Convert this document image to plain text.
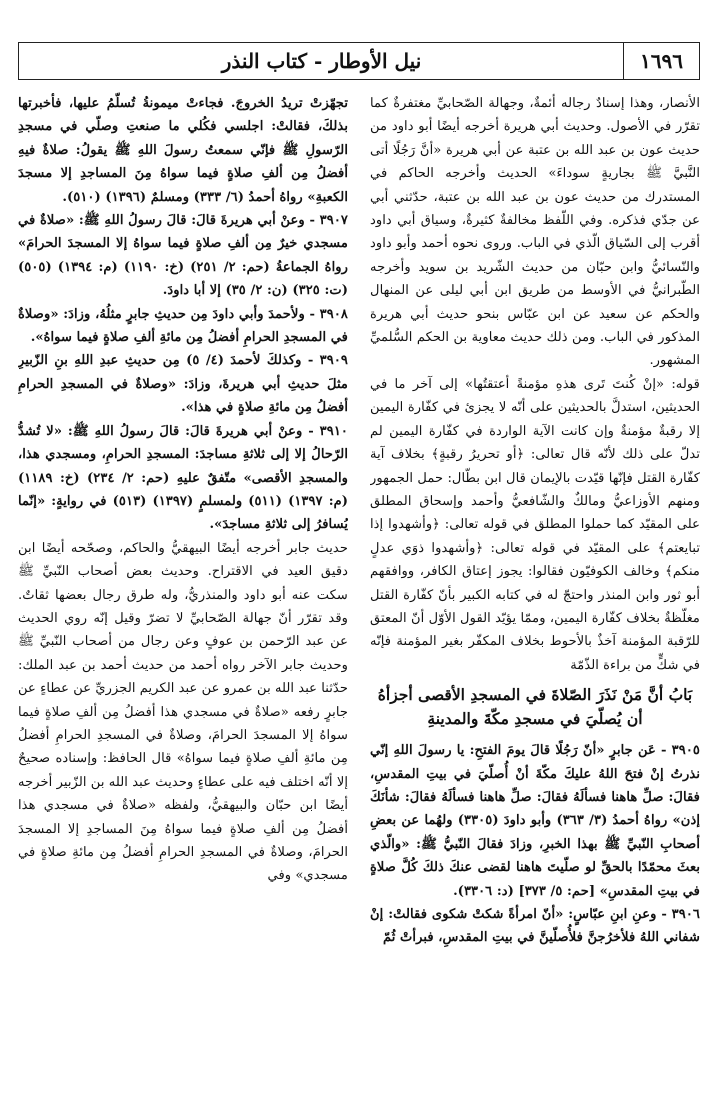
١٦٩٦
نيل الأوطار - كتاب النذر

الأنصار، وهذا إسنادٌ رجاله أئمةٌ، وجهالة الصّحابيِّ مغتفرةٌ كما تقرّر في الأصول. وحديث أبي هريرة أخرجه أيضًا أبو داود من حديث عون بن عبد الله بن عتبة عن أبي هريرة «أنَّ رَجُلًا أتى النَّبيَّ ﷺ بجاريةٍ سوداءَ» الحديث وأخرجه الحاكم في المستدرك من حديث عون بن عبد الله بن عتبة، حدّثني أبي عن جدّي فذكره. وفي اللّفظ مخالفةٌ كثيرةٌ، وسياق أبي داود أقرب إلى السّياق الّذي في الباب. وروى نحوه أحمد وأبو داود والنّسائيُّ وابن حبّان من حديث الشّريد بن سويد وأخرجه الطّبرانيُّ في الأوسط من طريق ابن أبي ليلى عن المنهال والحكم عن سعيد عن ابن عبّاس بنحو حديث أبي هريرة المذكور في الباب. ومن ذلك حديث معاوية بن الحكم السُّلميِّ المشهور.

قوله: «إنْ كُنتَ تَرى هذهِ مؤمنةً أعتقتُها» إلى آخر ما في الحديثين، استدلَّ بالحديثين على أنّه لا يجزئ في كفّارة اليمين إلا رقبةٌ مؤمنةٌ وإن كانت الآية الواردة في كفّارة اليمين لم تدلّ على ذلك لأنّه قال تعالى: ﴿أو تحريرُ رقبةٍ﴾ بخلاف آية كفّارة القتل فإنّها قيّدت بالإيمان قال ابن بطّال: حمل الجمهور ومنهم الأوزاعيُّ ومالكٌ والشّافعيُّ وأحمد وإسحاق المطلق على المقيّد كما حملوا المطلق في قوله تعالى: ﴿وأشهدوا إذا تبايعتم﴾ على المقيّد في قوله تعالى: ﴿وأشهدوا ذوَي عدلٍ منكم﴾ وخالف الكوفيّون فقالوا: يجوز إعتاق الكافر، ووافقهم أبو ثور وابن المنذر واحتجّ له في كتابه الكبير بأنّ كفّارة القتل مغلّظةٌ بخلاف كفّارة اليمين، وممّا يؤيّد القول الأوّل أنّ المعتق للرّقبة المؤمنة آخذٌ بالأحوط بخلاف المكفّر بغير المؤمنة فإنّه في شكٍّ من براءة الذّمّة

بَابُ أنَّ مَنْ نَذَرَ الصّلاةَ في المسجدِ الأقصى أجزأهُ أن يُصلّيَ في مسجدِ مكّةَ والمدينةِ

٣٩٠٥ - عَن جابرٍ «أنّ رَجُلًا قالَ يومَ الفتحِ: يا رسولَ اللهِ إنّي نذرتُ إنْ فتحَ اللهُ عليكَ مكّةَ أنْ أُصلّيَ في بيتِ المقدسِ، فقالَ: صلِّ هاهنا فسألَهُ فقالَ: صلِّ هاهنا فسألَهُ فقالَ: شأنَكَ إذن» رواهُ أحمدُ (٣/ ٣٦٣) وأبو داودَ (٣٣٠٥) ولهُما عن بعضِ أصحابِ النّبيِّ ﷺ بهذا الخبرِ، وزادَ فقالَ النّبيُّ ﷺ: «والّذي بعثَ محمّدًا بالحقِّ لو صلّيتَ هاهنا لقضى عنكَ ذلكَ كُلَّ صلاةٍ في بيتِ المقدسِ» [حم: ٥/ ٣٧٣] (د: ٣٣٠٦).

٣٩٠٦ - وعنِ ابنِ عبّاسٍ: «أنّ امرأةً شكتْ شكوى فقالتْ: إنْ شفاني اللهُ فلأخرُجنَّ فلأُصلّينَّ في بيتِ المقدسِ، فبرأتْ ثُمّ

تجهّزتْ تريدُ الخروجَ. فجاءتْ ميمونةُ تُسلّمُ عليها، فأخبرتها بذلكَ، فقالتْ: اجلسي فكُلي ما صنعتِ وصلّي في مسجدِ الرّسولِ ﷺ فإنّي سمعتُ رسولَ اللهِ ﷺ يقولُ: صلاةٌ فيهِ أفضلُ مِن ألفِ صلاةٍ فيما سواهُ مِنَ المساجدِ إلا مسجدَ الكعبةِ» رواهُ أحمدُ (٦/ ٣٣٣) ومسلمٌ (١٣٩٦) (٥١٠).

٣٩٠٧ - وعنْ أبي هريرةَ قالَ: قالَ رسولُ اللهِ ﷺ: «صلاةٌ في مسجدي خيرٌ مِن ألفِ صلاةٍ فيما سواهُ إلا المسجدَ الحرامَ» رواهُ الجماعةُ (حم: ٢/ ٢٥١) (خ: ١١٩٠) (م: ١٣٩٤) (٥٠٥) (ت: ٣٢٥) (ن: ٢/ ٣٥) إلا أبا داودَ.

٣٩٠٨ - ولأحمدَ وأبي داودَ مِن حديثِ جابرٍ مثلُهُ، وزادَ: «وصلاةٌ في المسجدِ الحرامِ أفضلُ مِن مائةِ ألفِ صلاةٍ فيما سواهُ».

٣٩٠٩ - وكذلكَ لأحمدَ (٤/ ٥) مِن حديثِ عبدِ اللهِ بنِ الزّبيرِ مثلَ حديثِ أبي هريرةَ، وزادَ: «وصلاةٌ في المسجدِ الحرامِ أفضلُ مِن مائةِ صلاةٍ في هذا».

٣٩١٠ - وعنْ أبي هريرةَ قالَ: قالَ رسولُ اللهِ ﷺ: «لا تُشدُّ الرّحالُ إلا إلى ثلاثةِ مساجدَ: المسجدِ الحرامِ، ومسجدي هذا، والمسجدِ الأقصى» متّفقٌ عليهِ (حم: ٢/ ٢٣٤) (خ: ١١٨٩) (م: ١٣٩٧) (٥١١) ولمسلمٍ (١٣٩٧) (٥١٣) في روايةٍ: «إنّما يُسافرُ إلى ثلاثةِ مساجدَ».

حديث جابر أخرجه أيضًا البيهقيُّ والحاكم، وصحّحه أيضًا ابن دقيق العيد في الاقتراح. وحديث بعض أصحاب النّبيِّ ﷺ سكت عنه أبو داود والمنذريُّ، وله طرق رجال بعضها ثقاتٌ. وقد تقرّر أنّ جهالة الصّحابيِّ لا تضرّ وقيل إنّه روي الحديث عن عبد الرّحمن بن عوفٍ وعن رجال من أصحاب النّبيِّ ﷺ وحديث جابر الآخر رواه أحمد من حديث أحمد بن عبد الملك: حدّثنا عبد الله بن عمرو عن عبد الكريم الجزريِّ عن عطاءٍ عن جابرٍ رفعه «صلاةٌ في مسجدي هذا أفضلُ مِن ألفِ صلاةٍ فيما سواهُ إلا المسجدَ الحرامَ، وصلاةٌ في المسجدِ الحرامِ أفضلُ مِن مائةِ ألفِ صلاةٍ فيما سواهُ» قال الحافظ: وإسناده صحيحٌ إلا أنّه اختلف فيه على عطاءٍ وحديث عبد الله بن الزّبير أخرجه أيضًا ابن حبّان والبيهقيُّ، ولفظه «صلاةٌ في مسجدي هذا أفضلُ مِن ألفِ صلاةٍ فيما سواهُ مِنَ المساجدِ إلا المسجدَ الحرامَ، وصلاةٌ في المسجدِ الحرامِ أفضلُ مِن مائةِ صلاةٍ في مسجدي» وفي
